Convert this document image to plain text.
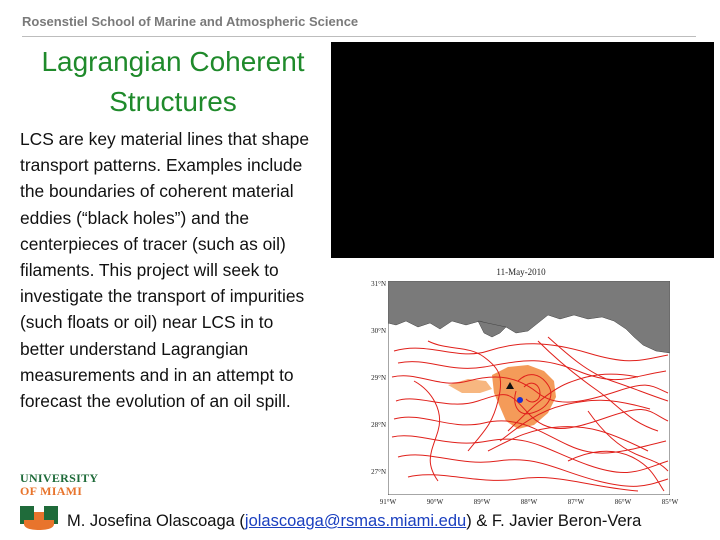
Rosenstiel School of Marine and Atmospheric Science
Lagrangian Coherent Structures
LCS are key material lines that shape transport patterns. Examples include the boundaries of coherent material eddies (“black holes”) and the centerpieces of tracer (such as oil) filaments. This project will seek to investigate the transport of impurities (such floats or oil) near LCS in to better understand Lagrangian measurements and in an attempt to forecast the evolution of an oil spill.
11-May-2010
31°N
30°N
29°N
28°N
27°N
91°W	90°W	89°W	88°W	87°W	86°W	85°W
UNIVERSITY
OF MIAMI
M. Josefina Olascoaga (jolascoaga@rsmas.miami.edu) & F. Javier Beron-Vera
